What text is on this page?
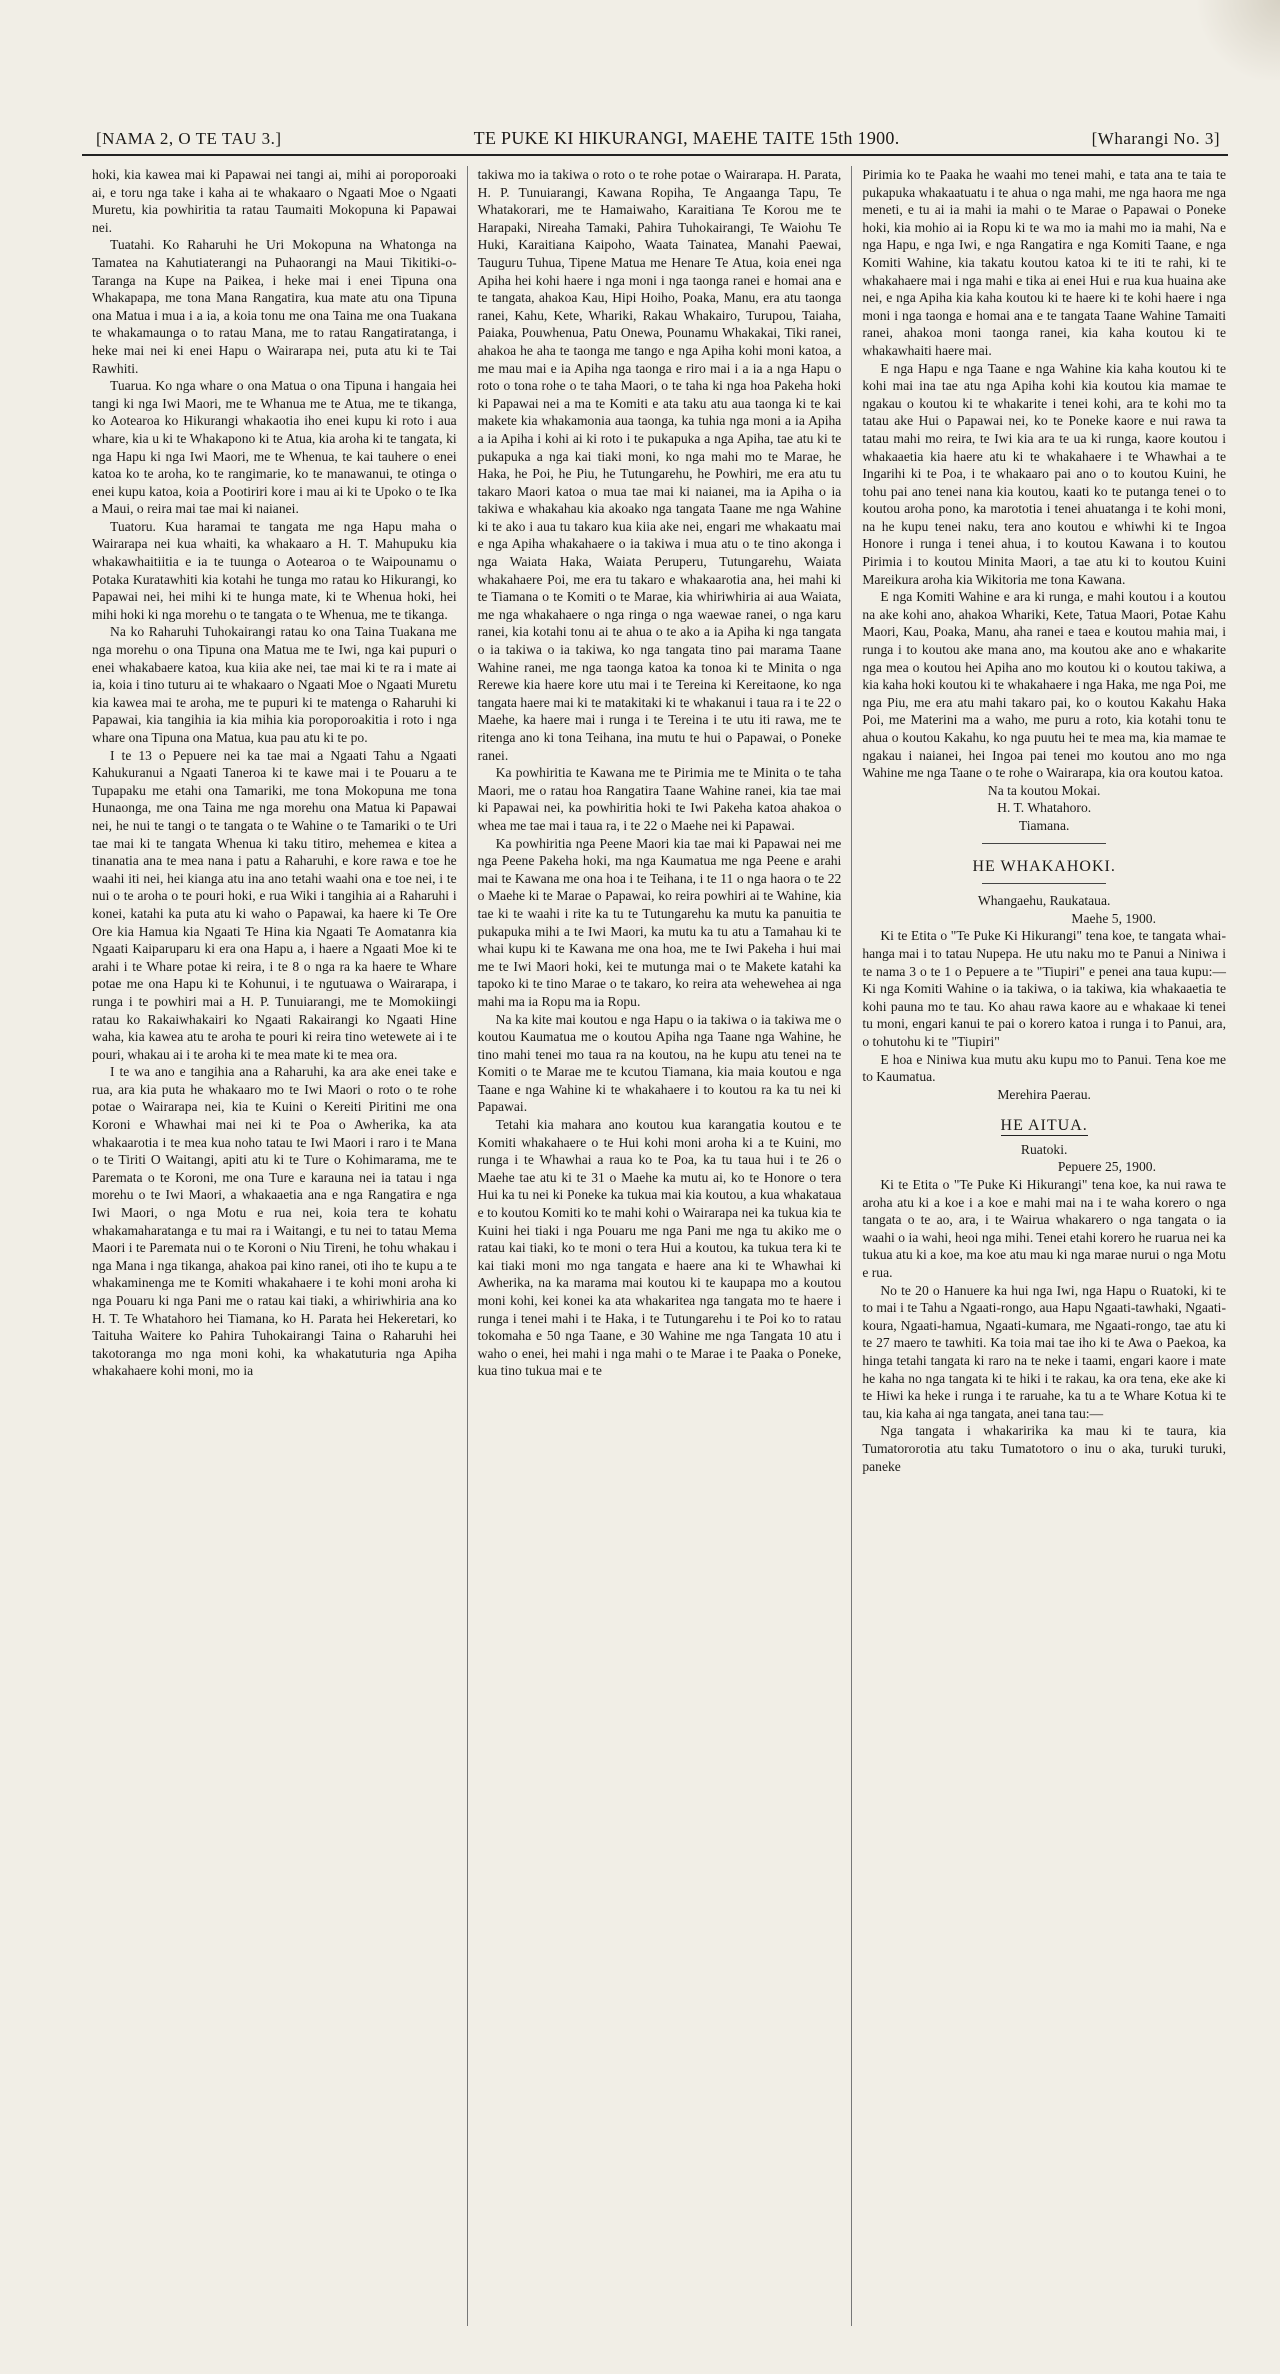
[NAMA 2, O TE TAU 3.]	TE PUKE KI HIKURANGI, MAEHE TAITE 15th 1900.	[Wharangi No. 3]

hoki, kia kawea mai ki Papawai nei tangi ai, mihi ai poroporoaki ai, e toru nga take i kaha ai te whakaaro o Ngaati Moe o Ngaati Muretu, kia powhiritia ta ratau Taumaiti Mokopuna ki Papawai nei.

Tuatahi. Ko Raharuhi he Uri Mokopuna na Whatonga na Tamatea na Kahutiaterangi na Puhaorangi na Maui Tikitiki-o-Taranga na Kupe na Paikea, i heke mai i enei Tipuna ona Whakapapa, me tona Mana Rangatira, kua mate atu ona Tipuna ona Matua i mua i a ia, a koia tonu me ona Taina me ona Tuakana te whakamaunga o to ratau Mana, me to ratau Rangatiratanga, i heke mai nei ki enei Hapu o Wairarapa nei, puta atu ki te Tai Rawhiti.

Tuarua. Ko nga whare o ona Matua o ona Tipuna i hangaia hei tangi ki nga Iwi Maori, me te Whanua me te Atua, me te tikanga, ko Aotearoa ko Hikurangi whakaotia iho enei kupu ki roto i aua whare, kia u ki te Whakapono ki te Atua, kia aroha ki te tangata, ki nga Hapu ki nga Iwi Maori, me te Whenua, te kai tauhere o enei katoa ko te aroha, ko te rangimarie, ko te manawanui, te otinga o enei kupu katoa, koia a Pootiriri kore i mau ai ki te Upoko o te Ika a Maui, o reira mai tae mai ki naianei.

Tuatoru. Kua haramai te tangata me nga Hapu maha o Wairarapa nei kua whaiti, ka whakaaro a H. T. Mahupuku kia whakawhaitiitia e ia te tuunga o Aotearoa o te Waipounamu o Potaka Kuratawhiti kia kotahi he tunga mo ratau ko Hikurangi, ko Papawai nei, hei mihi ki te hunga mate, ki te Whenua hoki, hei mihi hoki ki nga morehu o te tangata o te Whenua, me te tikanga.

Na ko Raharuhi Tuhokairangi ratau ko ona Taina Tuakana me nga morehu o ona Tipuna ona Matua me te Iwi, nga kai pupuri o enei whakabaere katoa, kua kiia ake nei, tae mai ki te ra i mate ai ia, koia i tino tuturu ai te whakaaro o Ngaati Moe o Ngaati Muretu kia kawea mai te aroha, me te pupuri ki te matenga o Raharuhi ki Papawai, kia tangihia ia kia mihia kia poroporoakitia i roto i nga whare ona Tipuna ona Matua, kua pau atu ki te po.

I te 13 o Pepuere nei ka tae mai a Ngaati Tahu a Ngaati Kahukuranui a Ngaati Taneroa ki te kawe mai i te Pouaru a te Tupapaku me etahi ona Tamariki, me tona Mokopuna me tona Hunaonga, me ona Taina me nga morehu ona Matua ki Papawai nei, he nui te tangi o te tangata o te Wahine o te Tamariki o te Uri tae mai ki te tangata Whenua ki taku titiro, mehemea e kitea a tinanatia ana te mea nana i patu a Raharuhi, e kore rawa e toe he waahi iti nei, hei kianga atu ina ano tetahi waahi ona e toe nei, i te nui o te aroha o te pouri hoki, e rua Wiki i tangihia ai a Raharuhi i konei, katahi ka puta atu ki waho o Papawai, ka haere ki Te Ore Ore kia Hamua kia Ngaati Te Hina kia Ngaati Te Aomatanra kia Ngaati Kaiparuparu ki era ona Hapu a, i haere a Ngaati Moe ki te arahi i te Whare potae ki reira, i te 8 o nga ra ka haere te Whare potae me ona Hapu ki te Kohunui, i te ngutuawa o Wairarapa, i runga i te powhiri mai a H. P. Tunuiarangi, me te Momokiingi ratau ko Rakaiwhakairi ko Ngaati Rakairangi ko Ngaati Hine waha, kia kawea atu te aroha te pouri ki reira tino wetewete ai i te pouri, whakau ai i te aroha ki te mea mate ki te mea ora.

I te wa ano e tangihia ana a Raharuhi, ka ara ake enei take e rua, ara kia puta he whakaaro mo te Iwi Maori o roto o te rohe potae o Wairarapa nei, kia te Kuini o Kereiti Piritini me ona Koroni e Whawhai mai nei ki te Poa o Awherika, ka ata whakaarotia i te mea kua noho tatau te Iwi Maori i raro i te Mana o te Tiriti O Waitangi, apiti atu ki te Ture o Kohimarama, me te Paremata o te Koroni, me ona Ture e karauna nei ia tatau i nga morehu o te Iwi Maori, a whakaaetia ana e nga Rangatira e nga Iwi Maori, o nga Motu e rua nei, koia tera te kohatu whakamaharatanga e tu mai ra i Waitangi, e tu nei to tatau Mema Maori i te Paremata nui o te Koroni o Niu Tireni, he tohu whakau i nga Mana i nga tikanga, ahakoa pai kino ranei, oti iho te kupu a te whakaminenga me te Komiti whakahaere i te kohi moni aroha ki nga Pouaru ki nga Pani me o ratau kai tiaki, a whiriwhiria ana ko H. T. Te Whatahoro hei Tiamana, ko H. Parata hei Hekeretari, ko Taituha Waitere ko Pahira Tuhokairangi Taina o Raharuhi hei takotoranga mo nga moni kohi, ka whakatuturia nga Apiha whakahaere kohi moni, mo ia

takiwa mo ia takiwa o roto o te rohe potae o Wairarapa. H. Parata, H. P. Tunuiarangi, Kawana Ropiha, Te Angaanga Tapu, Te Whatakorari, me te Hamaiwaho, Karaitiana Te Korou me te Harapaki, Nireaha Tamaki, Pahira Tuhokairangi, Te Waiohu Te Huki, Karaitiana Kaipoho, Waata Tainatea, Manahi Paewai, Tauguru Tuhua, Tipene Matua me Henare Te Atua, koia enei nga Apiha hei kohi haere i nga moni i nga taonga ranei e homai ana e te tangata, ahakoa Kau, Hipi Hoiho, Poaka, Manu, era atu taonga ranei, Kahu, Kete, Whariki, Rakau Whakairo, Turupou, Taiaha, Paiaka, Pouwhenua, Patu Onewa, Pounamu Whakakai, Tiki ranei, ahakoa he aha te taonga me tango e nga Apiha kohi moni katoa, a me mau mai e ia Apiha nga taonga e riro mai i a ia a nga Hapu o roto o tona rohe o te taha Maori, o te taha ki nga hoa Pakeha hoki ki Papawai nei a ma te Komiti e ata taku atu aua taonga ki te kai makete kia whakamonia aua taonga, ka tuhia nga moni a ia Apiha a ia Apiha i kohi ai ki roto i te pukapuka a nga Apiha, tae atu ki te pukapuka a nga kai tiaki moni, ko nga mahi mo te Marae, he Haka, he Poi, he Piu, he Tutungarehu, he Powhiri, me era atu tu takaro Maori katoa o mua tae mai ki naianei, ma ia Apiha o ia takiwa e whakahau kia akoako nga tangata Taane me nga Wahine ki te ako i aua tu takaro kua kiia ake nei, engari me whakaatu mai e nga Apiha whakahaere o ia takiwa i mua atu o te tino akonga i nga Waiata Haka, Waiata Peruperu, Tutungarehu, Waiata whakahaere Poi, me era tu takaro e whakaarotia ana, hei mahi ki te Tiamana o te Komiti o te Marae, kia whiriwhiria ai aua Waiata, me nga whakahaere o nga ringa o nga waewae ranei, o nga karu ranei, kia kotahi tonu ai te ahua o te ako a ia Apiha ki nga tangata o ia takiwa o ia takiwa, ko nga tangata tino pai marama Taane Wahine ranei, me nga taonga katoa ka tonoa ki te Minita o nga Rerewe kia haere kore utu mai i te Tereina ki Kereitaone, ko nga tangata haere mai ki te matakitaki ki te whakanui i taua ra i te 22 o Maehe, ka haere mai i runga i te Tereina i te utu iti rawa, me te ritenga ano ki tona Teihana, ina mutu te hui o Papawai, o Poneke ranei.

Ka powhiritia te Kawana me te Pirimia me te Minita o te taha Maori, me o ratau hoa Rangatira Taane Wahine ranei, kia tae mai ki Papawai nei, ka powhiritia hoki te Iwi Pakeha katoa ahakoa o whea me tae mai i taua ra, i te 22 o Maehe nei ki Papawai.

Ka powhiritia nga Peene Maori kia tae mai ki Papawai nei me nga Peene Pakeha hoki, ma nga Kaumatua me nga Peene e arahi mai te Kawana me ona hoa i te Teihana, i te 11 o nga haora o te 22 o Maehe ki te Marae o Papawai, ko reira powhiri ai te Wahine, kia tae ki te waahi i rite ka tu te Tutungarehu ka mutu ka panuitia te pukapuka mihi a te Iwi Maori, ka mutu ka tu atu a Tamahau ki te whai kupu ki te Kawana me ona hoa, me te Iwi Pakeha i hui mai me te Iwi Maori hoki, kei te mutunga mai o te Makete katahi ka tapoko ki te tino Marae o te takaro, ko reira ata wehewehea ai nga mahi ma ia Ropu ma ia Ropu.

Na ka kite mai koutou e nga Hapu o ia takiwa o ia takiwa me o koutou Kaumatua me o koutou Apiha nga Taane nga Wahine, he tino mahi tenei mo taua ra na koutou, na he kupu atu tenei na te Komiti o te Marae me te kcutou Tiamana, kia maia koutou e nga Taane e nga Wahine ki te whakahaere i to koutou ra ka tu nei ki Papawai.

Tetahi kia mahara ano koutou kua karangatia koutou e te Komiti whakahaere o te Hui kohi moni aroha ki a te Kuini, mo runga i te Whawhai a raua ko te Poa, ka tu taua hui i te 26 o Maehe tae atu ki te 31 o Maehe ka mutu ai, ko te Honore o tera Hui ka tu nei ki Poneke ka tukua mai kia koutou, a kua whakataua e to koutou Komiti ko te mahi kohi o Wairarapa nei ka tukua kia te Kuini hei tiaki i nga Pouaru me nga Pani me nga tu akiko me o ratau kai tiaki, ko te moni o tera Hui a koutou, ka tukua tera ki te kai tiaki moni mo nga tangata e haere ana ki te Whawhai ki Awherika, na ka marama mai koutou ki te kaupapa mo a koutou moni kohi, kei konei ka ata whakaritea nga tangata mo te haere i runga i tenei mahi i te Haka, i te Tutungarehu i te Poi ko to ratau tokomaha e 50 nga Taane, e 30 Wahine me nga Tangata 10 atu i waho o enei, hei mahi i nga mahi o te Marae i te Paaka o Poneke, kua tino tukua mai e te

Pirimia ko te Paaka he waahi mo tenei mahi, e tata ana te taia te pukapuka whakaatuatu i te ahua o nga mahi, me nga haora me nga meneti, e tu ai ia mahi ia mahi o te Marae o Papawai o Poneke hoki, kia mohio ai ia Ropu ki te wa mo ia mahi mo ia mahi, Na e nga Hapu, e nga Iwi, e nga Rangatira e nga Komiti Taane, e nga Komiti Wahine, kia takatu koutou katoa ki te iti te rahi, ki te whakahaere mai i nga mahi e tika ai enei Hui e rua kua huaina ake nei, e nga Apiha kia kaha koutou ki te haere ki te kohi haere i nga moni i nga taonga e homai ana e te tangata Taane Wahine Tamaiti ranei, ahakoa moni taonga ranei, kia kaha koutou ki te whakawhaiti haere mai.

E nga Hapu e nga Taane e nga Wahine kia kaha koutou ki te kohi mai ina tae atu nga Apiha kohi kia koutou kia mamae te ngakau o koutou ki te whakarite i tenei kohi, ara te kohi mo ta tatau ake Hui o Papawai nei, ko te Poneke kaore e nui rawa ta tatau mahi mo reira, te Iwi kia ara te ua ki runga, kaore koutou i whakaaetia kia haere atu ki te whakahaere i te Whawhai a te Ingarihi ki te Poa, i te whakaaro pai ano o to koutou Kuini, he tohu pai ano tenei nana kia koutou, kaati ko te putanga tenei o to koutou aroha pono, ka marototia i tenei ahuatanga i te kohi moni, na he kupu tenei naku, tera ano koutou e whiwhi ki te Ingoa Honore i runga i tenei ahua, i to koutou Kawana i to koutou Pirimia i to koutou Minita Maori, a tae atu ki to koutou Kuini Mareikura aroha kia Wikitoria me tona Kawana.

E nga Komiti Wahine e ara ki runga, e mahi koutou i a koutou na ake kohi ano, ahakoa Whariki, Kete, Tatua Maori, Potae Kahu Maori, Kau, Poaka, Manu, aha ranei e taea e koutou mahia mai, i runga i to koutou ake mana ano, ma koutou ake ano e whakarite nga mea o koutou hei Apiha ano mo koutou ki o koutou takiwa, a kia kaha hoki koutou ki te whakahaere i nga Haka, me nga Poi, me nga Piu, me era atu mahi takaro pai, ko o koutou Kakahu Haka Poi, me Materini ma a waho, me puru a roto, kia kotahi tonu te ahua o koutou Kakahu, ko nga puutu hei te mea ma, kia mamae te ngakau i naianei, hei Ingoa pai tenei mo koutou ano mo nga Wahine me nga Taane o te rohe o Wairarapa, kia ora koutou katoa.

Na ta koutou Mokai.

H. T. Whatahoro.

Tiamana.

HE WHAKAHOKI.

Whangaehu, Raukataua.

Maehe 5, 1900.

Ki te Etita o "Te Puke Ki Hikurangi" tena koe, te tangata whai-hanga mai i to tatau Nupepa. He utu naku mo te Panui a Niniwa i te nama 3 o te 1 o Pepuere a te "Tiupiri" e penei ana taua kupu:— Ki nga Komiti Wahine o ia takiwa, o ia takiwa, kia whakaaetia te kohi pauna mo te tau. Ko ahau rawa kaore au e whakaae ki tenei tu moni, engari kanui te pai o korero katoa i runga i to Panui, ara, o tohutohu ki te "Tiupiri"

E hoa e Niniwa kua mutu aku kupu mo to Panui. Tena koe me to Kaumatua.

Merehira Paerau.

HE AITUA.

Ruatoki.

Pepuere 25, 1900.

Ki te Etita o "Te Puke Ki Hikurangi" tena koe, ka nui rawa te aroha atu ki a koe i a koe e mahi mai na i te waha korero o nga tangata o te ao, ara, i te Wairua whakarero o nga tangata o ia waahi o ia wahi, heoi nga mihi. Tenei etahi korero he ruarua nei ka tukua atu ki a koe, ma koe atu mau ki nga marae nurui o nga Motu e rua.

No te 20 o Hanuere ka hui nga Iwi, nga Hapu o Ruatoki, ki te to mai i te Tahu a Ngaati-rongo, aua Hapu Ngaati-tawhaki, Ngaati-koura, Ngaati-hamua, Ngaati-kumara, me Ngaati-rongo, tae atu ki te 27 maero te tawhiti. Ka toia mai tae iho ki te Awa o Paekoa, ka hinga tetahi tangata ki raro na te neke i taami, engari kaore i mate he kaha no nga tangata ki te hiki i te rakau, ka ora tena, eke ake ki te Hiwi ka heke i runga i te raruahe, ka tu a te Whare Kotua ki te tau, kia kaha ai nga tangata, anei tana tau:—

Nga tangata i whakaririka ka mau ki te taura, kia Tumatororotia atu taku Tumatotoro o inu o aka, turuki turuki, paneke
